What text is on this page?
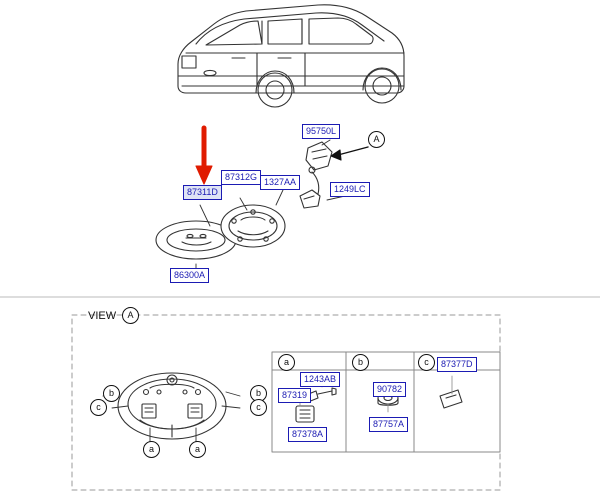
95750L
87312G 1327AA
1249LC
87311D
86300A
A
VIEW	A
b
c
b
c
a	a
a	b	c
1243AB
87319
87378A
90782
87757A
87377D
